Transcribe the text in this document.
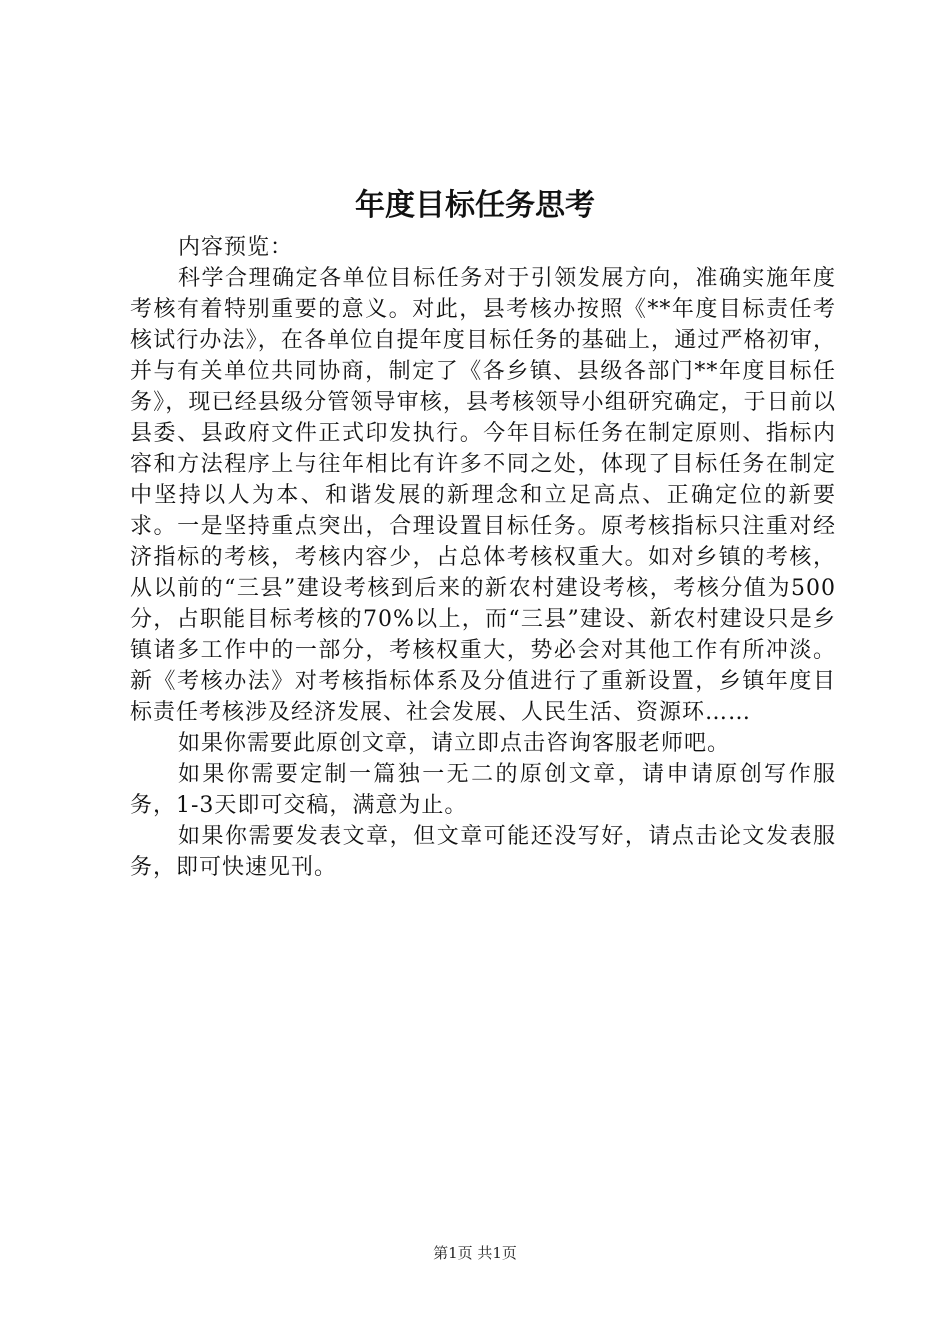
年度目标任务思考

内容预览：

科学合理确定各单位目标任务对于引领发展方向，准确实施年度考核有着特别重要的意义。对此，县考核办按照《**年度目标责任考核试行办法》，在各单位自提年度目标任务的基础上，通过严格初审，并与有关单位共同协商，制定了《各乡镇、县级各部门**年度目标任务》，现已经县级分管领导审核，县考核领导小组研究确定，于日前以县委、县政府文件正式印发执行。今年目标任务在制定原则、指标内容和方法程序上与往年相比有许多不同之处，体现了目标任务在制定中坚持以人为本、和谐发展的新理念和立足高点、正确定位的新要求。一是坚持重点突出，合理设置目标任务。原考核指标只注重对经济指标的考核，考核内容少，占总体考核权重大。如对乡镇的考核，从以前的“三县”建设考核到后来的新农村建设考核，考核分值为500分，占职能目标考核的70%以上，而“三县”建设、新农村建设只是乡镇诸多工作中的一部分，考核权重大，势必会对其他工作有所冲淡。新《考核办法》对考核指标体系及分值进行了重新设置，乡镇年度目标责任考核涉及经济发展、社会发展、人民生活、资源环……

如果你需要此原创文章，请立即点击咨询客服老师吧。

如果你需要定制一篇独一无二的原创文章，请申请原创写作服务，1-3天即可交稿，满意为止。

如果你需要发表文章，但文章可能还没写好，请点击论文发表服务，即可快速见刊。

第1页 共1页
